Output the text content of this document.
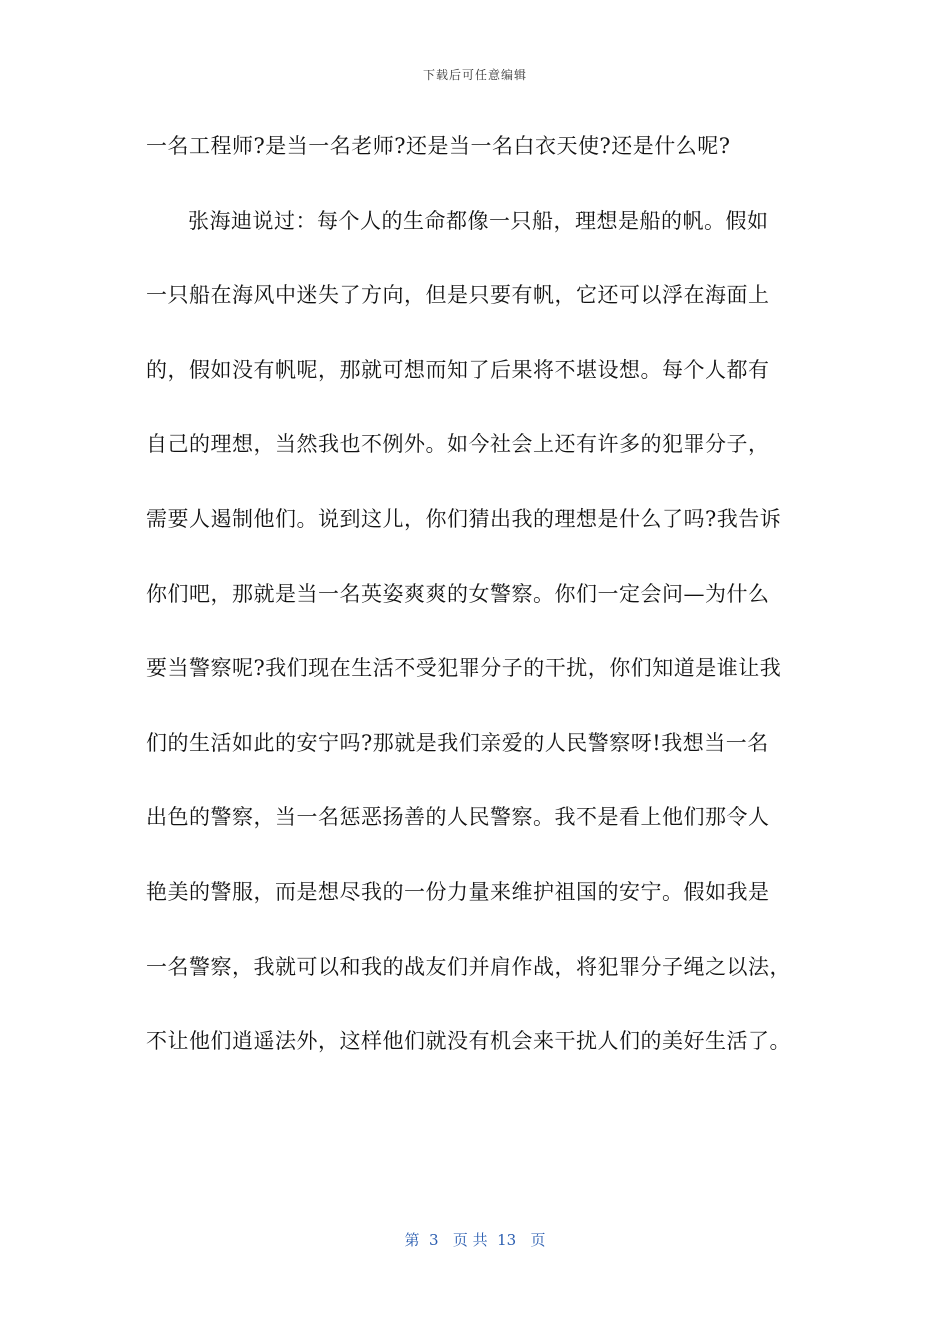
下载后可任意编辑
一名工程师?是当一名老师?还是当一名白衣天使?还是什么呢?
张海迪说过：每个人的生命都像一只船，理想是船的帆。假如
一只船在海风中迷失了方向，但是只要有帆，它还可以浮在海面上
的，假如没有帆呢，那就可想而知了后果将不堪设想。每个人都有
自己的理想，当然我也不例外。如今社会上还有许多的犯罪分子，
需要人遏制他们。说到这儿，你们猜出我的理想是什么了吗?我告诉
你们吧，那就是当一名英姿爽爽的女警察。你们一定会问—为什么
要当警察呢?我们现在生活不受犯罪分子的干扰，你们知道是谁让我
们的生活如此的安宁吗?那就是我们亲爱的人民警察呀!我想当一名
出色的警察，当一名惩恶扬善的人民警察。我不是看上他们那令人
艳美的警服，而是想尽我的一份力量来维护祖国的安宁。假如我是
一名警察，我就可以和我的战友们并肩作战，将犯罪分子绳之以法，
不让他们逍遥法外，这样他们就没有机会来干扰人们的美好生活了。
第  3   页 共  13   页
